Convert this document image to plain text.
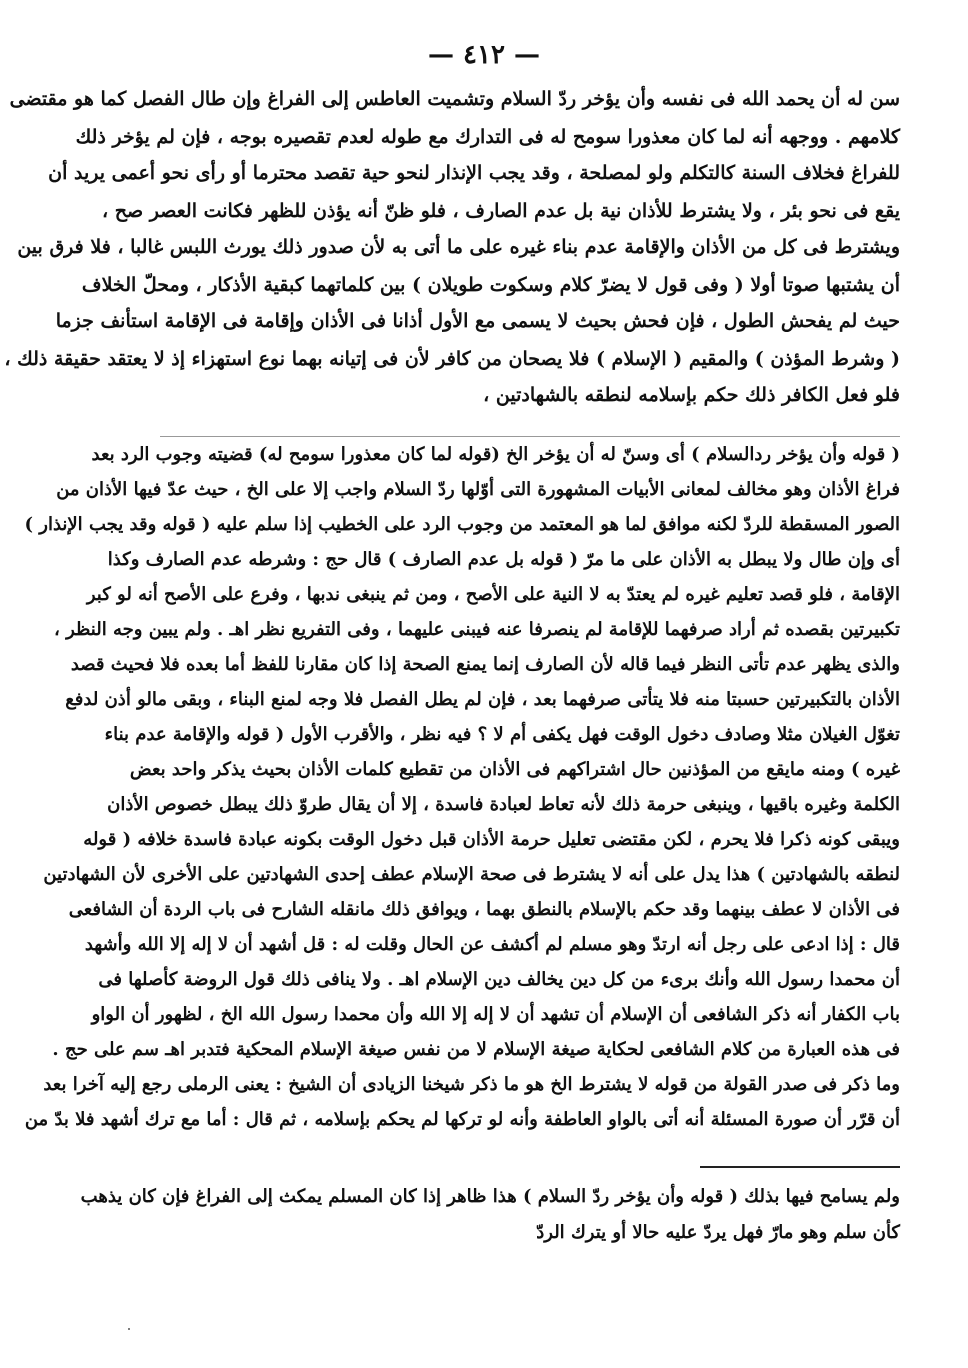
— ٤١٢ —
سن له أن يحمد الله فى نفسه وأن يؤخر ردّ السلام وتشميت العاطس إلى الفراغ وإن طال الفصل كما هو مقتضى
كلامهم . ووجهه أنه لما كان معذورا سومح له فى التدارك مع طوله لعدم تقصيره بوجه ، فإن لم يؤخر ذلك
للفراغ فخلاف السنة كالتكلم ولو لمصلحة ، وقد يجب الإنذار لنحو حية تقصد محترما أو رأى نحو أعمى يريد أن
يقع فى نحو بئر ، ولا يشترط للأذان نية بل عدم الصارف ، فلو ظنّ أنه يؤذن للظهر فكانت العصر صح ،
ويشترط فى كل من الأذان والإقامة عدم بناء غيره على ما أتى به لأن صدور ذلك يورث اللبس غالبا ، فلا فرق بين
أن يشتبها صوتا أولا ( وفى قول لا يضرّ كلام وسكوت طويلان ) بين كلماتهما كبقية الأذكار ، ومحلّ الخلاف
حيث لم يفحش الطول ، فإن فحش بحيث لا يسمى مع الأول أذانا فى الأذان وإقامة فى الإقامة استأنف جزما
( وشرط المؤذن ) والمقيم ( الإسلام ) فلا يصحان من كافر لأن فى إتيانه بهما نوع استهزاء إذ لا يعتقد حقيقة ذلك ،
فلو فعل الكافر ذلك حكم بإسلامه لنطقه بالشهادتين ،
( قوله وأن يؤخر ردالسلام ) أى وسنّ له أن يؤخر الخ (قوله لما كان معذورا سومح له) قضيته وجوب الرد بعد
فراغ الأذان وهو مخالف لمعانى الأبيات المشهورة التى أوّلها ردّ السلام واجب إلا على الخ ، حيث عدّ فيها الأذان من
الصور المسقطة للردّ لكنه موافق لما هو المعتمد من وجوب الرد على الخطيب إذا سلم عليه ( قوله وقد يجب الإنذار )
أى وإن طال ولا يبطل به الأذان على ما مرّ ( قوله بل عدم الصارف ) قال حج : وشرطه عدم الصارف وكذا
الإقامة ، فلو قصد تعليم غيره لم يعتدّ به لا النية على الأصح ، ومن ثم ينبغى ندبها ، وفرع على الأصح أنه لو كبر
تكبيرتين بقصده ثم أراد صرفهما للإقامة لم ينصرفا عنه فيبنى عليهما ، وفى التفريع نظر اهـ . ولم يبين وجه النظر ،
والذى يظهر عدم تأتى النظر فيما قاله لأن الصارف إنما يمنع الصحة إذا كان مقارنا للفظ أما بعده فلا فحيث قصد
الأذان بالتكبيرتين حسبتا منه فلا يتأتى صرفهما بعد ، فإن لم يطل الفصل فلا وجه لمنع البناء ، وبقى مالو أذن لدفع
تغوّل الغيلان مثلا وصادف دخول الوقت فهل يكفى أم لا ؟ فيه نظر ، والأقرب الأول ( قوله والإقامة عدم بناء
غيره ) ومنه مايقع من المؤذنين حال اشتراكهم فى الأذان من تقطيع كلمات الأذان بحيث يذكر واحد بعض
الكلمة وغيره باقيها ، وينبغى حرمة ذلك لأنه تعاط لعبادة فاسدة ، إلا أن يقال طروّ ذلك يبطل خصوص الأذان
ويبقى كونه ذكرا فلا يحرم ، لكن مقتضى تعليل حرمة الأذان قبل دخول الوقت بكونه عبادة فاسدة خلافه ( قوله
لنطقه بالشهادتين ) هذا يدل على أنه لا يشترط فى صحة الإسلام عطف إحدى الشهادتين على الأخرى لأن الشهادتين
فى الأذان لا عطف بينهما وقد حكم بالإسلام بالنطق بهما ، ويوافق ذلك مانقله الشارح فى باب الردة أن الشافعى
قال : إذا ادعى على رجل أنه ارتدّ وهو مسلم لم أكشف عن الحال وقلت له : قل أشهد أن لا إله إلا الله وأشهد
أن محمدا رسول الله وأنك برىء من كل دين يخالف دين الإسلام اهـ . ولا ينافى ذلك قول الروضة كأصلها فى
باب الكفار أنه ذكر الشافعى أن الإسلام أن تشهد أن لا إله إلا الله وأن محمدا رسول الله الخ ، لظهور أن الواو
فى هذه العبارة من كلام الشافعى لحكاية صيغة الإسلام لا من نفس صيغة الإسلام المحكية فتدبر اهـ سم على حج .
وما ذكر فى صدر القولة من قوله لا يشترط الخ هو ما ذكر شيخنا الزيادى أن الشيخ : يعنى الرملى رجع إليه آخرا بعد
أن قرّر أن صورة المسئلة أنه أتى بالواو العاطفة وأنه لو تركها لم يحكم بإسلامه ، ثم قال : أما مع ترك أشهد فلا بدّ من
ولم يسامح فيها بذلك ( قوله وأن يؤخر ردّ السلام ) هذا ظاهر إذا كان المسلم يمكث إلى الفراغ فإن كان يذهب
كأن سلم وهو مارّ فهل يردّ عليه حالا أو يترك الردّ
